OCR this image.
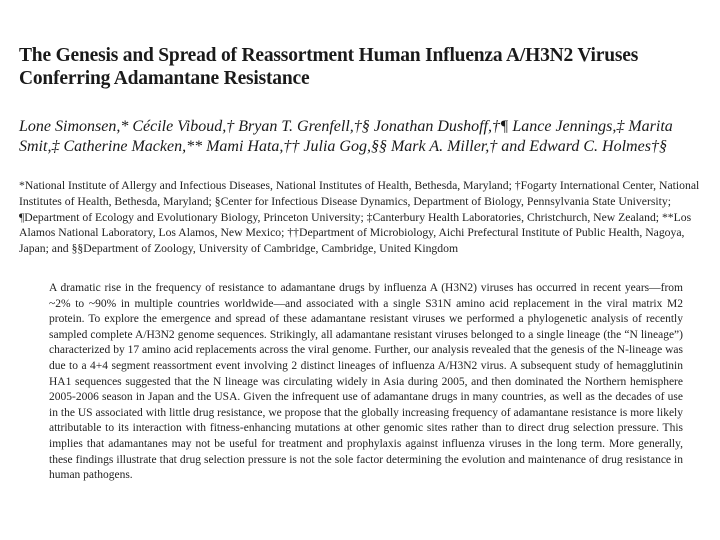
The Genesis and Spread of Reassortment Human Influenza A/H3N2 Viruses Conferring Adamantane Resistance

Lone Simonsen,* Cécile Viboud,† Bryan T. Grenfell,†§ Jonathan Dushoff,†¶ Lance Jennings,‡ Marita Smit,‡ Catherine Macken,** Mami Hata,†† Julia Gog,§§ Mark A. Miller,† and Edward C. Holmes†§

*National Institute of Allergy and Infectious Diseases, National Institutes of Health, Bethesda, Maryland; †Fogarty International Center, National Institutes of Health, Bethesda, Maryland; §Center for Infectious Disease Dynamics, Department of Biology, Pennsylvania State University; ¶Department of Ecology and Evolutionary Biology, Princeton University; ‡Canterbury Health Laboratories, Christchurch, New Zealand; **Los Alamos National Laboratory, Los Alamos, New Mexico; ††Department of Microbiology, Aichi Prefectural Institute of Public Health, Nagoya, Japan; and §§Department of Zoology, University of Cambridge, Cambridge, United Kingdom

A dramatic rise in the frequency of resistance to adamantane drugs by influenza A (H3N2) viruses has occurred in recent years—from ~2% to ~90% in multiple countries worldwide—and associated with a single S31N amino acid replacement in the viral matrix M2 protein. To explore the emergence and spread of these adamantane resistant viruses we performed a phylogenetic analysis of recently sampled complete A/H3N2 genome sequences. Strikingly, all adamantane resistant viruses belonged to a single lineage (the “N lineage”) characterized by 17 amino acid replacements across the viral genome. Further, our analysis revealed that the genesis of the N-lineage was due to a 4+4 segment reassortment event involving 2 distinct lineages of influenza A/H3N2 virus. A subsequent study of hemagglutinin HA1 sequences suggested that the N lineage was circulating widely in Asia during 2005, and then dominated the Northern hemisphere 2005-2006 season in Japan and the USA. Given the infrequent use of adamantane drugs in many countries, as well as the decades of use in the US associated with little drug resistance, we propose that the globally increasing frequency of adamantane resistance is more likely attributable to its interaction with fitness-enhancing mutations at other genomic sites rather than to direct drug selection pressure. This implies that adamantanes may not be useful for treatment and prophylaxis against influenza viruses in the long term. More generally, these findings illustrate that drug selection pressure is not the sole factor determining the evolution and maintenance of drug resistance in human pathogens.
